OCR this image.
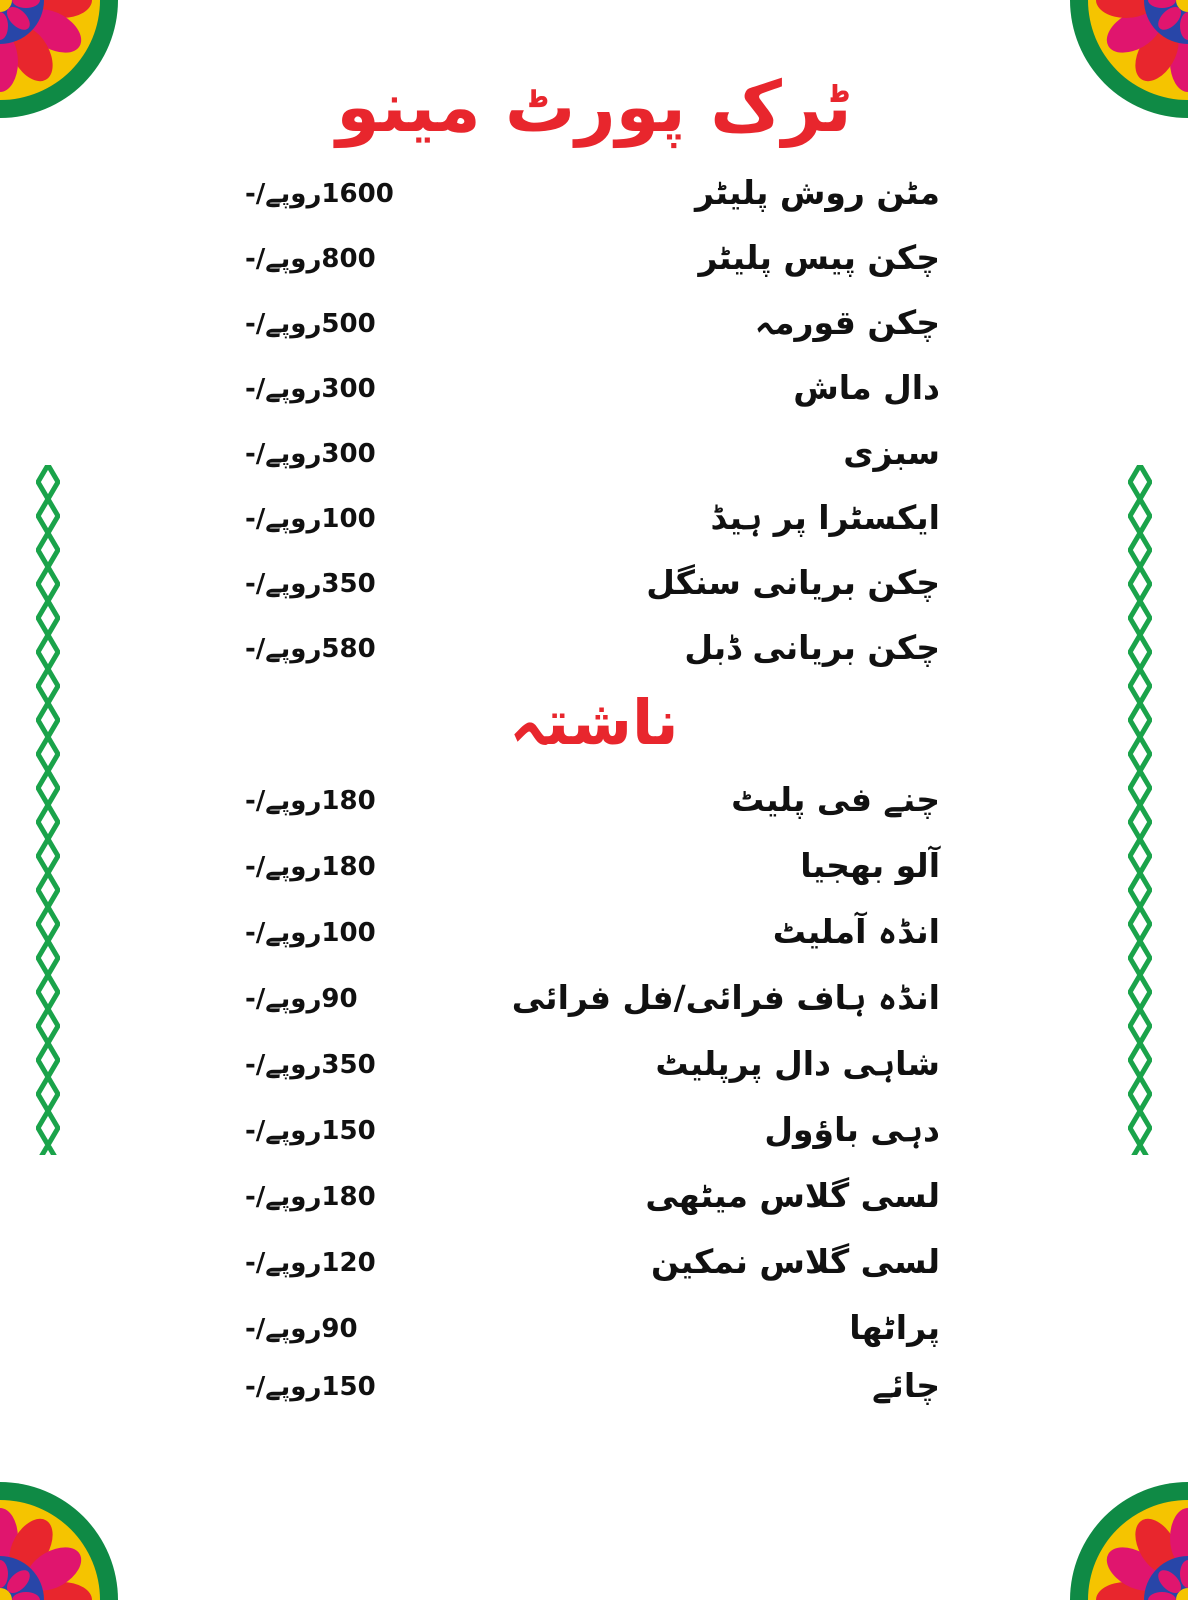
ٹرک پورٹ مینو
مٹن روش پلیٹر
1600روپے/-
چکن پیس پلیٹر
800روپے/-
چکن قورمہ
500روپے/-
دال ماش
300روپے/-
سبزی
300روپے/-
ایکسٹرا پر ہیڈ
100روپے/-
چکن بریانی سنگل
350روپے/-
چکن بریانی ڈبل
580روپے/-
ناشتہ
چنے فی پلیٹ
180روپے/-
آلو بھجیا
180روپے/-
انڈہ آملیٹ
100روپے/-
انڈہ ہاف فرائی/فل فرائی
90روپے/-
شاہی دال پرپلیٹ
350روپے/-
دہی باؤول
150روپے/-
لسی گلاس میٹھی
180روپے/-
لسی گلاس نمکین
120روپے/-
پراٹھا
90روپے/-
چائے
150روپے/-
